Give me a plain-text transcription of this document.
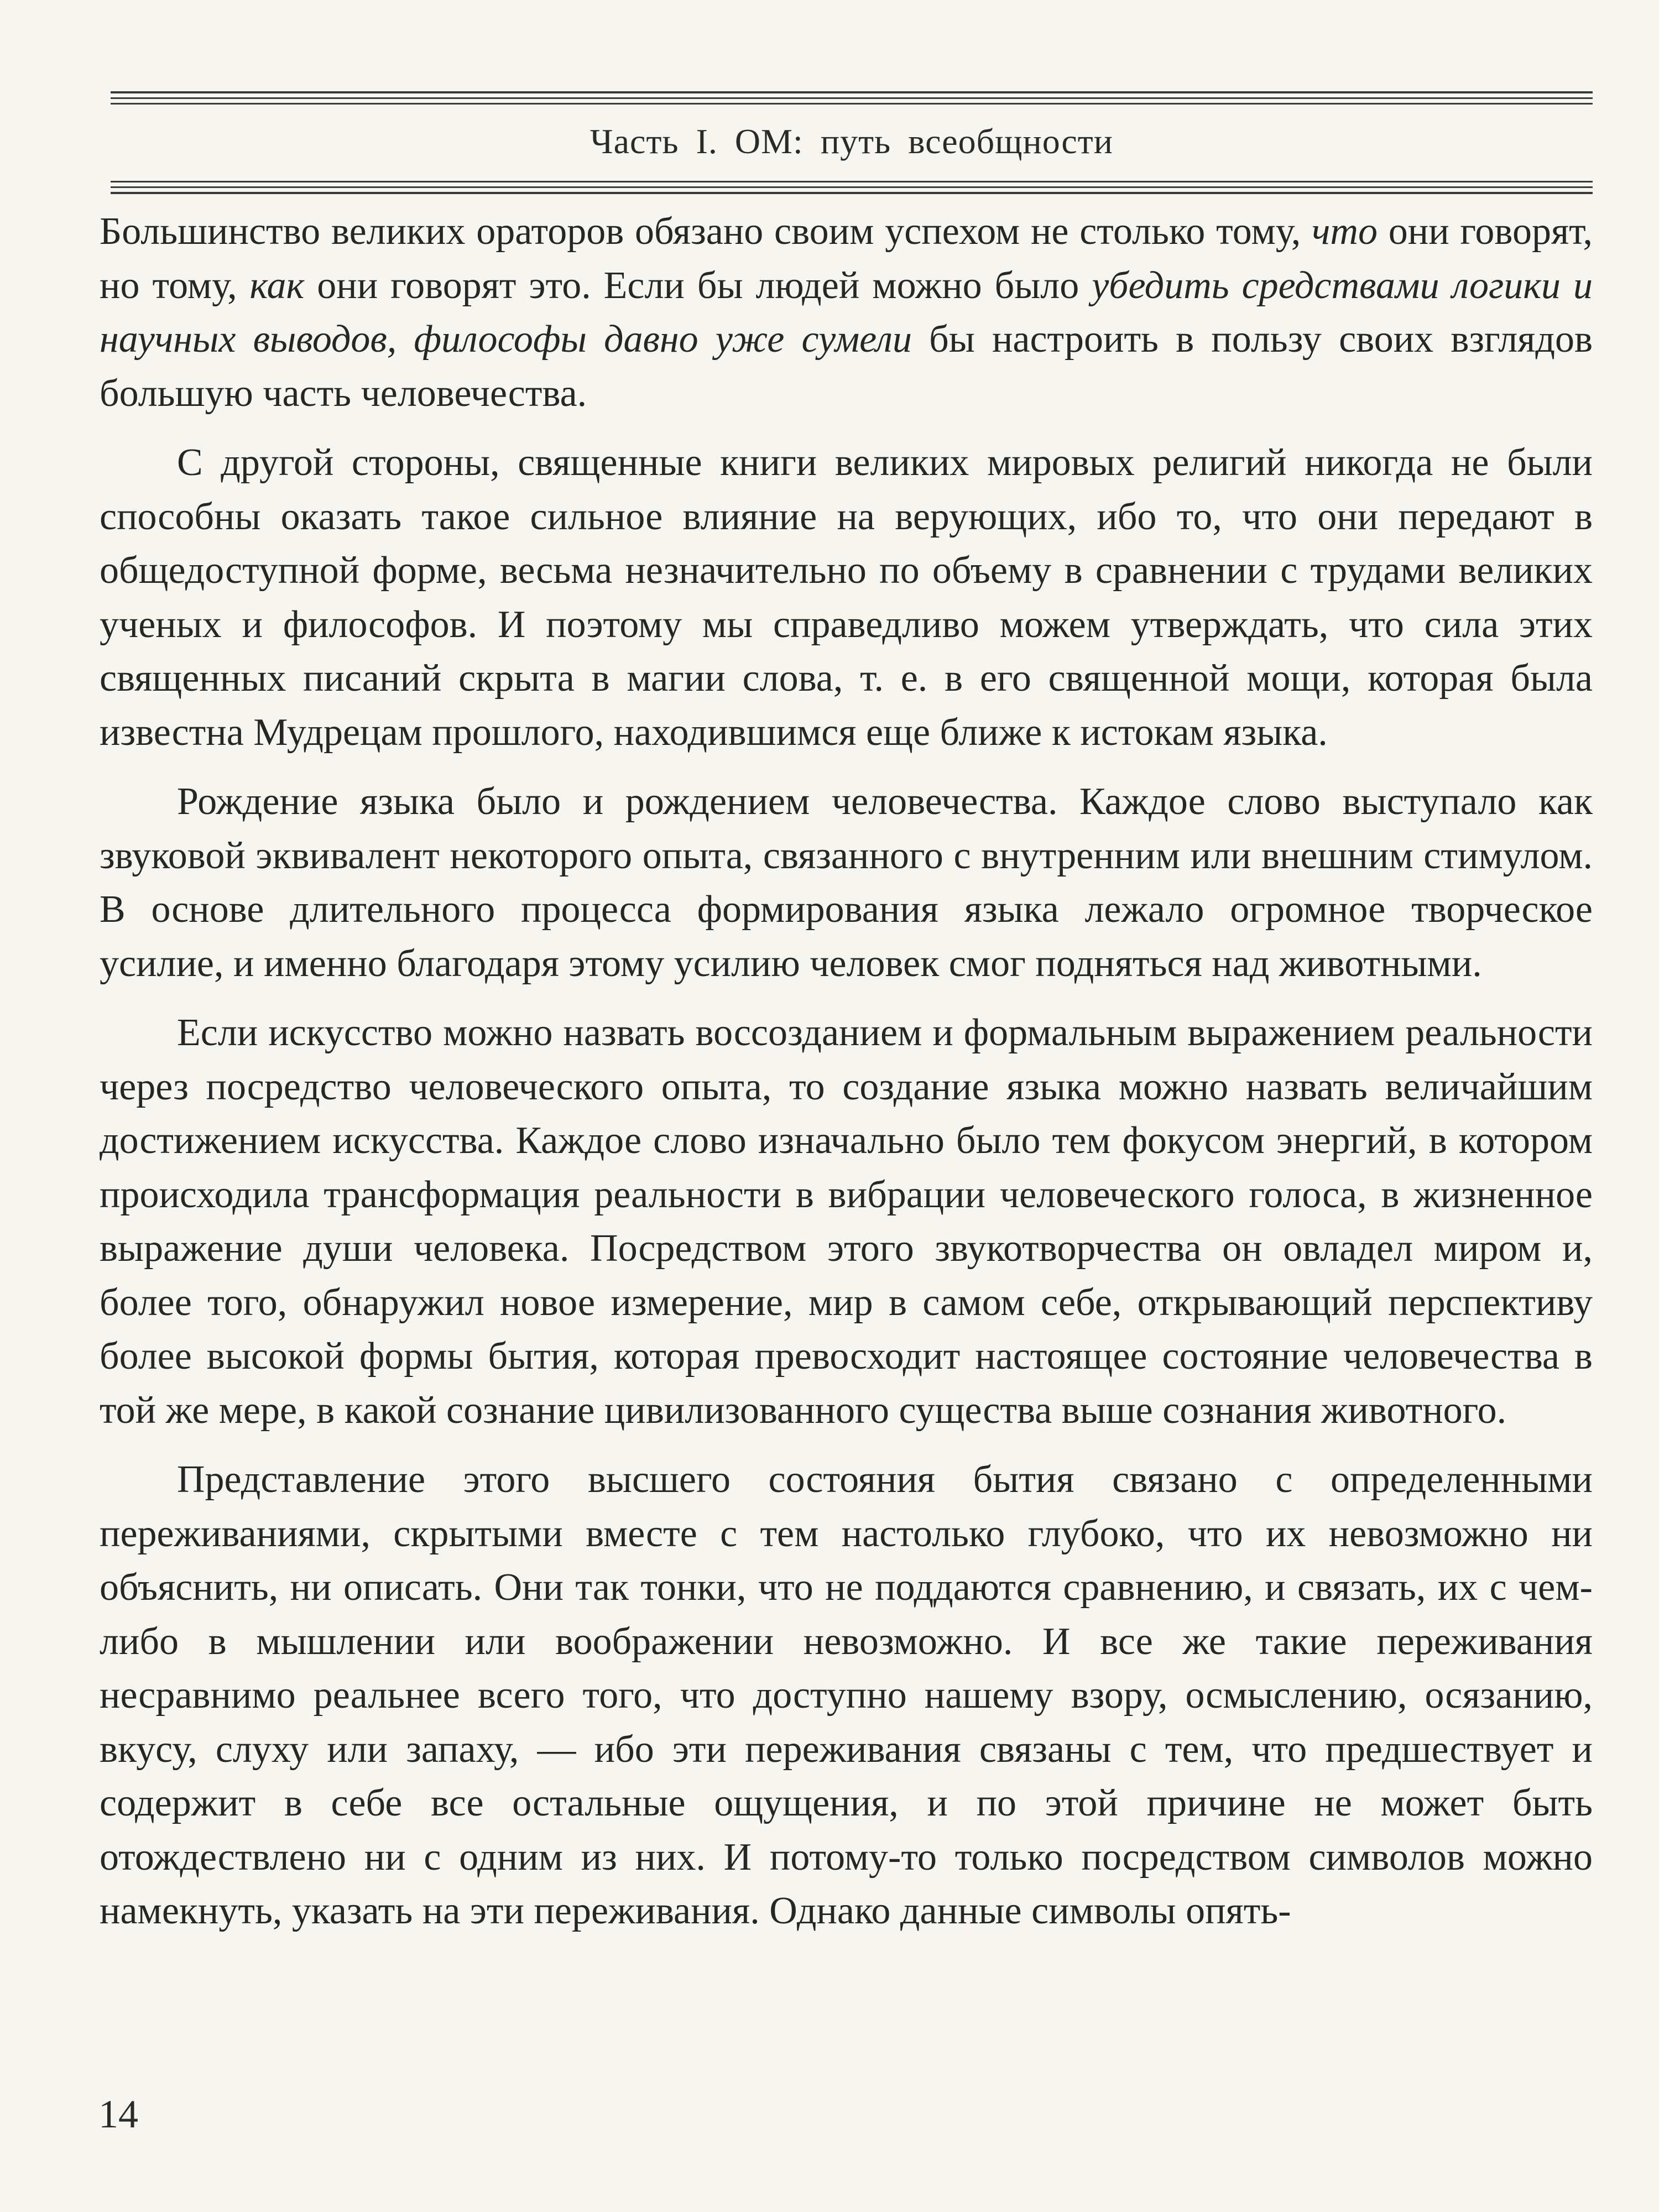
Часть I. ОМ: путь всеобщности

Большинство великих ораторов обязано своим успехом не столько тому, что они говорят, но тому, как они говорят это. Если бы людей можно было убедить средствами логики и научных выводов, философы давно уже сумели бы настроить в пользу своих взглядов большую часть человечества.

С другой стороны, священные книги великих мировых религий никогда не были способны оказать такое сильное влияние на верующих, ибо то, что они передают в общедоступной форме, весьма незначительно по объему в сравнении с трудами великих ученых и философов. И поэтому мы справедливо можем утверждать, что сила этих священных писаний скрыта в магии слова, т. е. в его священной мощи, которая была известна Мудрецам прошлого, находившимся еще ближе к истокам языка.

Рождение языка было и рождением человечества. Каждое слово выступало как звуковой эквивалент некоторого опыта, связанного с внутренним или внешним стимулом. В основе длительного процесса формирования языка лежало огромное творческое усилие, и именно благодаря этому усилию человек смог подняться над животными.

Если искусство можно назвать воссозданием и формальным выражением реальности через посредство человеческого опыта, то создание языка можно назвать величайшим достижением искусства. Каждое слово изначально было тем фокусом энергий, в котором происходила трансформация реальности в вибрации человеческого голоса, в жизненное выражение души человека. Посредством этого звукотворчества он овладел миром и, более того, обнаружил новое измерение, мир в самом себе, открывающий перспективу более высокой формы бытия, которая превосходит настоящее состояние человечества в той же мере, в какой сознание цивилизованного существа выше сознания животного.

Представление этого высшего состояния бытия связано с определенными переживаниями, скрытыми вместе с тем настолько глубоко, что их невозможно ни объяснить, ни описать. Они так тонки, что не поддаются сравнению, и связать, их с чем-либо в мышлении или воображении невозможно. И все же такие переживания несравнимо реальнее всего того, что доступно нашему взору, осмыслению, осязанию, вкусу, слуху или запаху, — ибо эти переживания связаны с тем, что предшествует и содержит в себе все остальные ощущения, и по этой причине не может быть отождествлено ни с одним из них. И потому-то только посредством символов можно намекнуть, указать на эти переживания. Однако данные символы опять-

14
